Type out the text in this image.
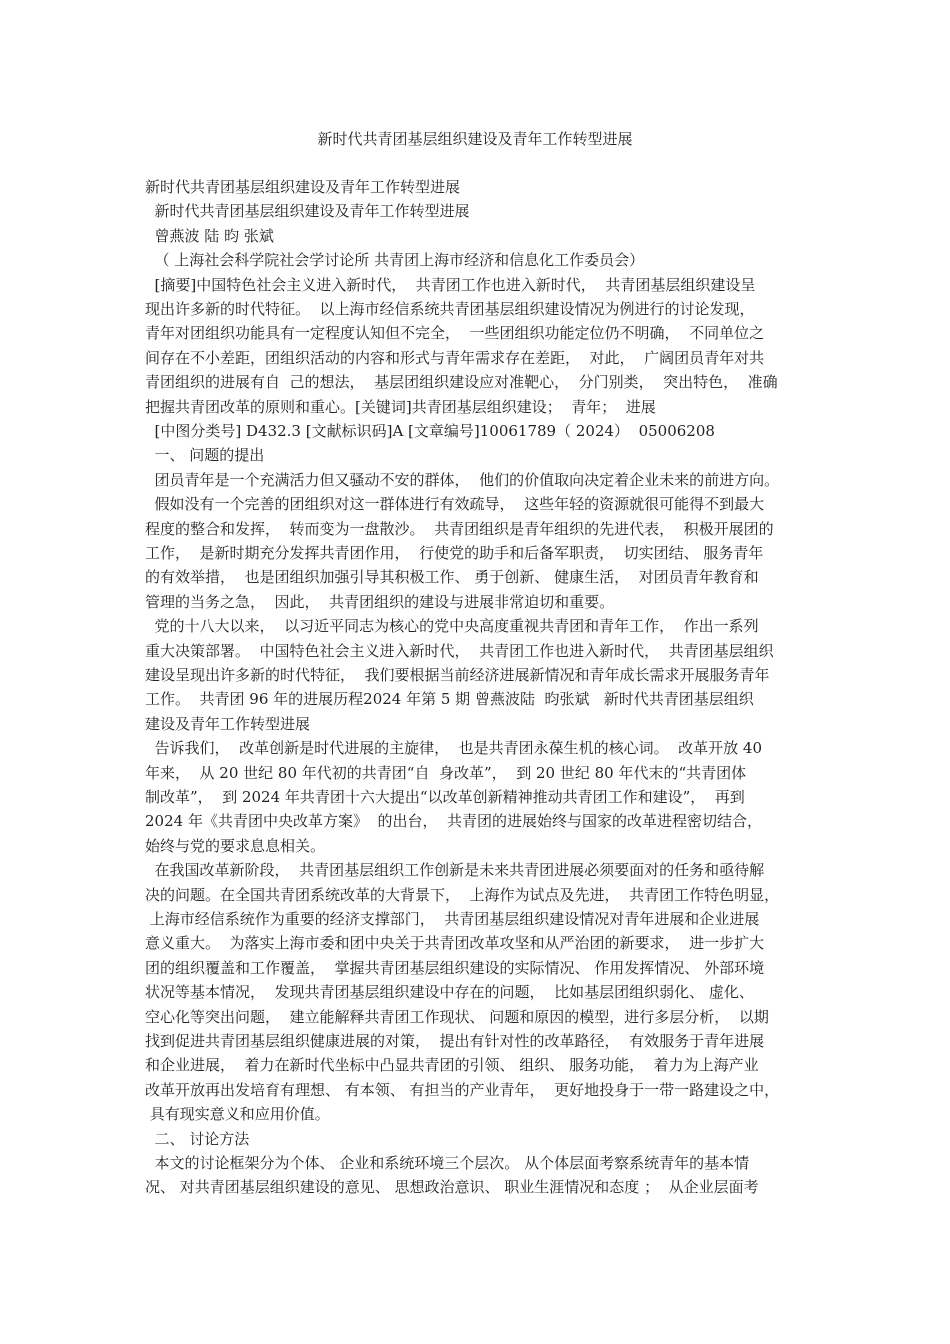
新时代共青团基层组织建设及青年工作转型进展
新时代共青团基层组织建设及青年工作转型进展
新时代共青团基层组织建设及青年工作转型进展
曾燕波 陆 昀 张斌
（ 上海社会科学院社会学讨论所 共青团上海市经济和信息化工作委员会）
[摘要]中国特色社会主义进入新时代，  共青团工作也进入新时代，  共青团基层组织建设呈
现出许多新的时代特征。  以上海市经信系统共青团基层组织建设情况为例进行的讨论发现，
青年对团组织功能具有一定程度认知但不完全，  一些团组织功能定位仍不明确，  不同单位之
间存在不小差距，团组织活动的内容和形式与青年需求存在差距，  对此，  广阔团员青年对共
青团组织的进展有自  己的想法，  基层团组织建设应对准靶心，  分门别类，  突出特色，  准确
把握共青团改革的原则和重心。[关键词]共青团基层组织建设；  青年；  进展
[中图分类号] D432.3 [文献标识码]A [文章编号]10061789（ 2024）  05006208
一、 问题的提出
团员青年是一个充满活力但又骚动不安的群体，  他们的价值取向决定着企业未来的前进方向。
假如没有一个完善的团组织对这一群体进行有效疏导，  这些年轻的资源就很可能得不到最大
程度的整合和发挥，  转而变为一盘散沙。  共青团组织是青年组织的先进代表，  积极开展团的
工作，  是新时期充分发挥共青团作用，  行使党的助手和后备军职责，  切实团结、 服务青年
的有效举措，  也是团组织加强引导其积极工作、 勇于创新、 健康生活，  对团员青年教育和
管理的当务之急，  因此，  共青团组织的建设与进展非常迫切和重要。
党的十八大以来，  以习近平同志为核心的党中央高度重视共青团和青年工作，  作出一系列
重大决策部署。  中国特色社会主义进入新时代，  共青团工作也进入新时代，  共青团基层组织
建设呈现出许多新的时代特征，  我们要根据当前经济进展新情况和青年成长需求开展服务青年
工作。  共青团 96 年的进展历程2024 年第 5 期 曾燕波陆  昀张斌   新时代共青团基层组织
建设及青年工作转型进展
告诉我们，  改革创新是时代进展的主旋律，  也是共青团永葆生机的核心词。  改革开放 40
年来，  从 20 世纪 80 年代初的共青团“自  身改革”，  到 20 世纪 80 年代末的“共青团体
制改革”，  到 2024 年共青团十六大提出“以改革创新精神推动共青团工作和建设”，  再到
2024 年《共青团中央改革方案》  的出台，  共青团的进展始终与国家的改革进程密切结合，
始终与党的要求息息相关。
在我国改革新阶段，  共青团基层组织工作创新是未来共青团进展必须要面对的任务和亟待解
决的问题。在全国共青团系统改革的大背景下，  上海作为试点及先进，  共青团工作特色明显，
上海市经信系统作为重要的经济支撑部门，  共青团基层组织建设情况对青年进展和企业进展
意义重大。  为落实上海市委和团中央关于共青团改革攻坚和从严治团的新要求，  进一步扩大
团的组织覆盖和工作覆盖，  掌握共青团基层组织建设的实际情况、 作用发挥情况、 外部环境
状况等基本情况，  发现共青团基层组织建设中存在的问题，  比如基层团组织弱化、 虚化、
空心化等突出问题，  建立能解释共青团工作现状、 问题和原因的模型，进行多层分析，  以期
找到促进共青团基层组织健康进展的对策，  提出有针对性的改革路径，  有效服务于青年进展
和企业进展，  着力在新时代坐标中凸显共青团的引领、 组织、 服务功能，  着力为上海产业
改革开放再出发培育有理想、 有本领、 有担当的产业青年，  更好地投身于一带一路建设之中，
具有现实意义和应用价值。
二、 讨论方法
本文的讨论框架分为个体、 企业和系统环境三个层次。 从个体层面考察系统青年的基本情
况、 对共青团基层组织建设的意见、 思想政治意识、 职业生涯情况和态度 ；  从企业层面考
